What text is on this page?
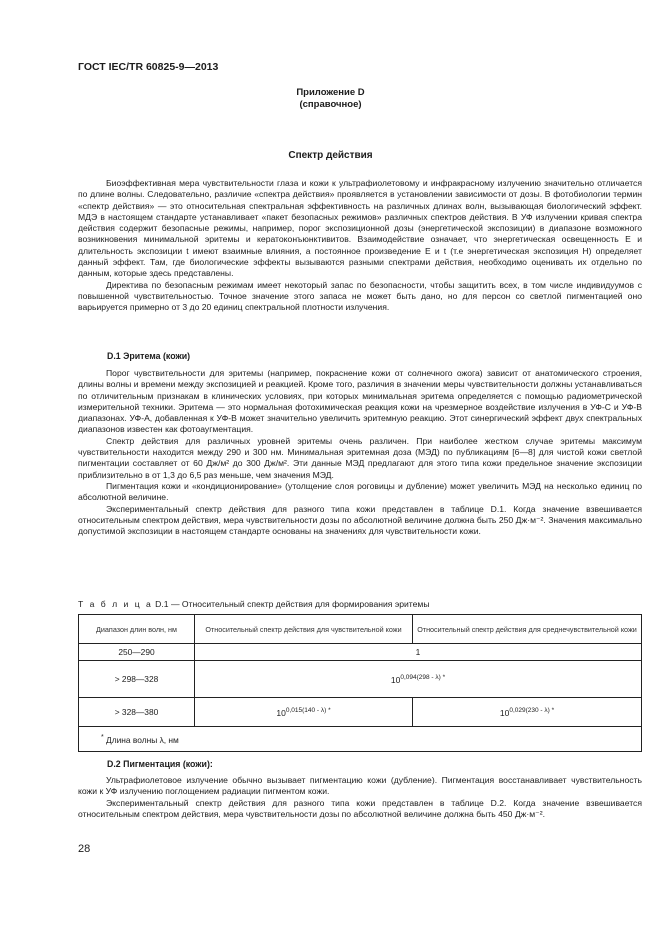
ГОСТ IEC/TR 60825-9—2013
Приложение D
(справочное)
Спектр действия

Биоэффективная мера чувствительности глаза и кожи к ультрафиолетовому и инфракрасному излучению значительно отличается по длине волны. Следовательно, различие «спектра действия» проявляется в установлении зависимости от дозы. В фотобиологии термин «спектр действия» — это относительная спектральная эффективность на различных длинах волн, вызывающая биологический эффект. МДЭ в настоящем стандарте устанавливает «пакет безопасных режимов» различных спектров действия. В УФ излучении кривая спектра действия содержит безопасные режимы, например, порог экспозиционной дозы (энергетической экспозиции) в диапазоне возможного возникновения минимальной эритемы и кератоконъюнктивитов. Взаимодействие означает, что энергетическая освещенность E и длительность экспозиции t имеют взаимные влияния, а постоянное произведение E и t (т.е энергетическая экспозиция H) определяет данный эффект. Там, где биологические эффекты вызываются разными спектрами действия, необходимо оценивать их отдельно по данным, которые здесь представлены.

Директива по безопасным режимам имеет некоторый запас по безопасности, чтобы защитить всех, в том числе индивидуумов с повышенной чувствительностью. Точное значение этого запаса не может быть дано, но для персон со светлой пигментацией оно варьируется примерно от 3 до 20 единиц спектральной плотности излучения.

D.1 Эритема (кожи)

Порог чувствительности для эритемы (например, покраснение кожи от солнечного ожога) зависит от анатомического строения, длины волны и времени между экспозицией и реакцией. Кроме того, различия в значении меры чувствительности должны устанавливаться по отличительным признакам в клинических условиях, при которых минимальная эритема определяется с помощью радиометрической измерительной техники. Эритема — это нормальная фотохимическая реакция кожи на чрезмерное воздействие излучения в УФ-С и УФ-В диапазонах. УФ-А, добавленная к УФ-В может значительно увеличить эритемную реакцию. Этот синергический эффект двух спектральных диапазонов известен как фотоаугментация.

Спектр действия для различных уровней эритемы очень различен. При наиболее жестком случае эритемы максимум чувствительности находится между 290 и 300 нм. Минимальная эритемная доза (МЭД) по публикациям [6—8] для чистой кожи светлой пигментации составляет от 60 Дж/м² до 300 Дж/м². Эти данные МЭД предлагают для этого типа кожи предельное значение экспозиции приблизительно в от 1,3 до 6,5 раз меньше, чем значения МЭД.

Пигментация кожи и «кондиционирование» (утолщение слоя роговицы и дубление) может увеличить МЭД на несколько единиц по абсолютной величине.

Экспериментальный спектр действия для разного типа кожи представлен в таблице D.1. Когда значение взвешивается относительным спектром действия, мера чувствительности дозы по абсолютной величине должна быть 250 Дж·м⁻². Значения максимально допустимой экспозиции в настоящем стандарте основаны на значениях для чувствительности кожи.

Т а б л и ц а D.1 — Относительный спектр действия для формирования эритемы
Диапазон длин волн, нм	Относительный спектр действия для чувствительной кожи	Относительный спектр действия для среднечувствительной кожи
250—290	1	
> 298—328	$10^{0,094(298 - \lambda) *}$
> 328—380	$10^{0,015(140 - \lambda) *}$	$10^{0,029(230 - \lambda) *}$
* Длина волны λ, нм		
D.2 Пигментация (кожи):

Ультрафиолетовое излучение обычно вызывает пигментацию кожи (дубление). Пигментация восстанавливает чувствительность кожи к УФ излучению поглощением радиации пигментом кожи.

Экспериментальный спектр действия для разного типа кожи представлен в таблице D.2. Когда значение взвешивается относительным спектром действия, мера чувствительности дозы по абсолютной величине должна быть 450 Дж·м⁻².

28
